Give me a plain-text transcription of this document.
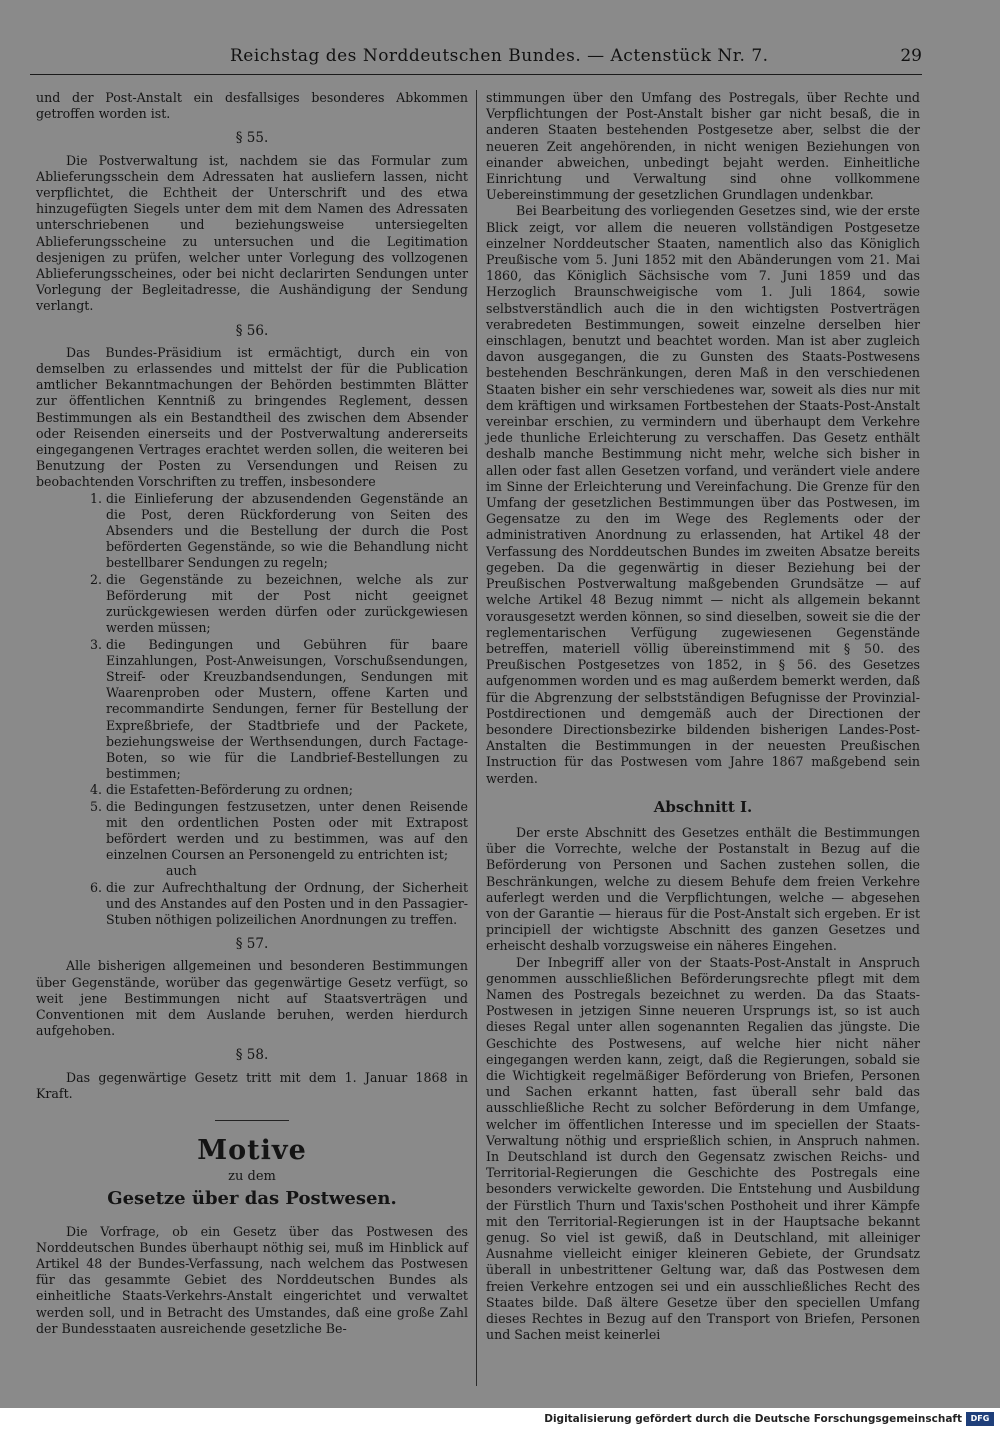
Reichstag des Norddeutschen Bundes. — Actenstück Nr. 7.	29

und der Post-Anstalt ein desfallsiges besonderes Abkommen getroffen worden ist.

§ 55.

Die Postverwaltung ist, nachdem sie das Formular zum Ablieferungsschein dem Adressaten hat ausliefern lassen, nicht verpflichtet, die Echtheit der Unterschrift und des etwa hinzugefügten Siegels unter dem mit dem Namen des Adressaten unterschriebenen und beziehungsweise untersiegelten Ablieferungsscheine zu untersuchen und die Legitimation desjenigen zu prüfen, welcher unter Vorlegung des vollzogenen Ablieferungsscheines, oder bei nicht declarirten Sendungen unter Vorlegung der Begleitadresse, die Aushändigung der Sendung verlangt.

§ 56.

Das Bundes-Präsidium ist ermächtigt, durch ein von demselben zu erlassendes und mittelst der für die Publication amtlicher Bekanntmachungen der Behörden bestimmten Blätter zur öffentlichen Kenntniß zu bringendes Reglement, dessen Bestimmungen als ein Bestandtheil des zwischen dem Absender oder Reisenden einerseits und der Postverwaltung andererseits eingegangenen Vertrages erachtet werden sollen, die weiteren bei Benutzung der Posten zu Versendungen und Reisen zu beobachtenden Vorschriften zu treffen, insbesondere

1. die Einlieferung der abzusendenden Gegenstände an die Post, deren Rückforderung von Seiten des Absenders und die Bestellung der durch die Post beförderten Gegenstände, so wie die Behandlung nicht bestellbarer Sendungen zu regeln;
2. die Gegenstände zu bezeichnen, welche als zur Beförderung mit der Post nicht geeignet zurückgewiesen werden dürfen oder zurückgewiesen werden müssen;
3. die Bedingungen und Gebühren für baare Einzahlungen, Post-Anweisungen, Vorschußsendungen, Streif- oder Kreuzbandsendungen, Sendungen mit Waarenproben oder Mustern, offene Karten und recommandirte Sendungen, ferner für Bestellung der Expreßbriefe, der Stadtbriefe und der Packete, beziehungsweise der Werthsendungen, durch Factage-Boten, so wie für die Landbrief-Bestellungen zu bestimmen;
4. die Estafetten-Beförderung zu ordnen;
5. die Bedingungen festzusetzen, unter denen Reisende mit den ordentlichen Posten oder mit Extrapost befördert werden und zu bestimmen, was auf den einzelnen Coursen an Personengeld zu entrichten ist;
auch
6. die zur Aufrechthaltung der Ordnung, der Sicherheit und des Anstandes auf den Posten und in den Passagier-Stuben nöthigen polizeilichen Anordnungen zu treffen.
§ 57.

Alle bisherigen allgemeinen und besonderen Bestimmungen über Gegenstände, worüber das gegenwärtige Gesetz verfügt, so weit jene Bestimmungen nicht auf Staatsverträgen und Conventionen mit dem Auslande beruhen, werden hierdurch aufgehoben.

§ 58.

Das gegenwärtige Gesetz tritt mit dem 1. Januar 1868 in Kraft.

Motive
zu dem
Gesetze über das Postwesen.

Die Vorfrage, ob ein Gesetz über das Postwesen des Norddeutschen Bundes überhaupt nöthig sei, muß im Hinblick auf Artikel 48 der Bundes-Verfassung, nach welchem das Postwesen für das gesammte Gebiet des Norddeutschen Bundes als einheitliche Staats-Verkehrs-Anstalt eingerichtet und verwaltet werden soll, und in Betracht des Umstandes, daß eine große Zahl der Bundesstaaten ausreichende gesetzliche Be-

stimmungen über den Umfang des Postregals, über Rechte und Verpflichtungen der Post-Anstalt bisher gar nicht besaß, die in anderen Staaten bestehenden Postgesetze aber, selbst die der neueren Zeit angehörenden, in nicht wenigen Beziehungen von einander abweichen, unbedingt bejaht werden. Einheitliche Einrichtung und Verwaltung sind ohne vollkommene Uebereinstimmung der gesetzlichen Grundlagen undenkbar.

Bei Bearbeitung des vorliegenden Gesetzes sind, wie der erste Blick zeigt, vor allem die neueren vollständigen Postgesetze einzelner Norddeutscher Staaten, namentlich also das Königlich Preußische vom 5. Juni 1852 mit den Abänderungen vom 21. Mai 1860, das Königlich Sächsische vom 7. Juni 1859 und das Herzoglich Braunschweigische vom 1. Juli 1864, sowie selbstverständlich auch die in den wichtigsten Postverträgen verabredeten Bestimmungen, soweit einzelne derselben hier einschlagen, benutzt und beachtet worden. Man ist aber zugleich davon ausgegangen, die zu Gunsten des Staats-Postwesens bestehenden Beschränkungen, deren Maß in den verschiedenen Staaten bisher ein sehr verschiedenes war, soweit als dies nur mit dem kräftigen und wirksamen Fortbestehen der Staats-Post-Anstalt vereinbar erschien, zu vermindern und überhaupt dem Verkehre jede thunliche Erleichterung zu verschaffen. Das Gesetz enthält deshalb manche Bestimmung nicht mehr, welche sich bisher in allen oder fast allen Gesetzen vorfand, und verändert viele andere im Sinne der Erleichterung und Vereinfachung. Die Grenze für den Umfang der gesetzlichen Bestimmungen über das Postwesen, im Gegensatze zu den im Wege des Reglements oder der administrativen Anordnung zu erlassenden, hat Artikel 48 der Verfassung des Norddeutschen Bundes im zweiten Absatze bereits gegeben. Da die gegenwärtig in dieser Beziehung bei der Preußischen Postverwaltung maßgebenden Grundsätze — auf welche Artikel 48 Bezug nimmt — nicht als allgemein bekannt vorausgesetzt werden können, so sind dieselben, soweit sie die der reglementarischen Verfügung zugewiesenen Gegenstände betreffen, materiell völlig übereinstimmend mit § 50. des Preußischen Postgesetzes von 1852, in § 56. des Gesetzes aufgenommen worden und es mag außerdem bemerkt werden, daß für die Abgrenzung der selbstständigen Befugnisse der Provinzial-Postdirectionen und demgemäß auch der Directionen der besondere Directionsbezirke bildenden bisherigen Landes-Post-Anstalten die Bestimmungen in der neuesten Preußischen Instruction für das Postwesen vom Jahre 1867 maßgebend sein werden.

Abschnitt I.

Der erste Abschnitt des Gesetzes enthält die Bestimmungen über die Vorrechte, welche der Postanstalt in Bezug auf die Beförderung von Personen und Sachen zustehen sollen, die Beschränkungen, welche zu diesem Behufe dem freien Verkehre auferlegt werden und die Verpflichtungen, welche — abgesehen von der Garantie — hieraus für die Post-Anstalt sich ergeben. Er ist principiell der wichtigste Abschnitt des ganzen Gesetzes und erheischt deshalb vorzugsweise ein näheres Eingehen.

Der Inbegriff aller von der Staats-Post-Anstalt in Anspruch genommen ausschließlichen Beförderungsrechte pflegt mit dem Namen des Postregals bezeichnet zu werden. Da das Staats-Postwesen in jetzigen Sinne neueren Ursprungs ist, so ist auch dieses Regal unter allen sogenannten Regalien das jüngste. Die Geschichte des Postwesens, auf welche hier nicht näher eingegangen werden kann, zeigt, daß die Regierungen, sobald sie die Wichtigkeit regelmäßiger Beförderung von Briefen, Personen und Sachen erkannt hatten, fast überall sehr bald das ausschließliche Recht zu solcher Beförderung in dem Umfange, welcher im öffentlichen Interesse und im speciellen der Staats-Verwaltung nöthig und ersprießlich schien, in Anspruch nahmen. In Deutschland ist durch den Gegensatz zwischen Reichs- und Territorial-Regierungen die Geschichte des Postregals eine besonders verwickelte geworden. Die Entstehung und Ausbildung der Fürstlich Thurn und Taxis'schen Posthoheit und ihrer Kämpfe mit den Territorial-Regierungen ist in der Hauptsache bekannt genug. So viel ist gewiß, daß in Deutschland, mit alleiniger Ausnahme vielleicht einiger kleineren Gebiete, der Grundsatz überall in unbestrittener Geltung war, daß das Postwesen dem freien Verkehre entzogen sei und ein ausschließliches Recht des Staates bilde. Daß ältere Gesetze über den speciellen Umfang dieses Rechtes in Bezug auf den Transport von Briefen, Personen und Sachen meist keinerlei

Digitalisierung gefördert durch die Deutsche Forschungsgemeinschaft	DFG
